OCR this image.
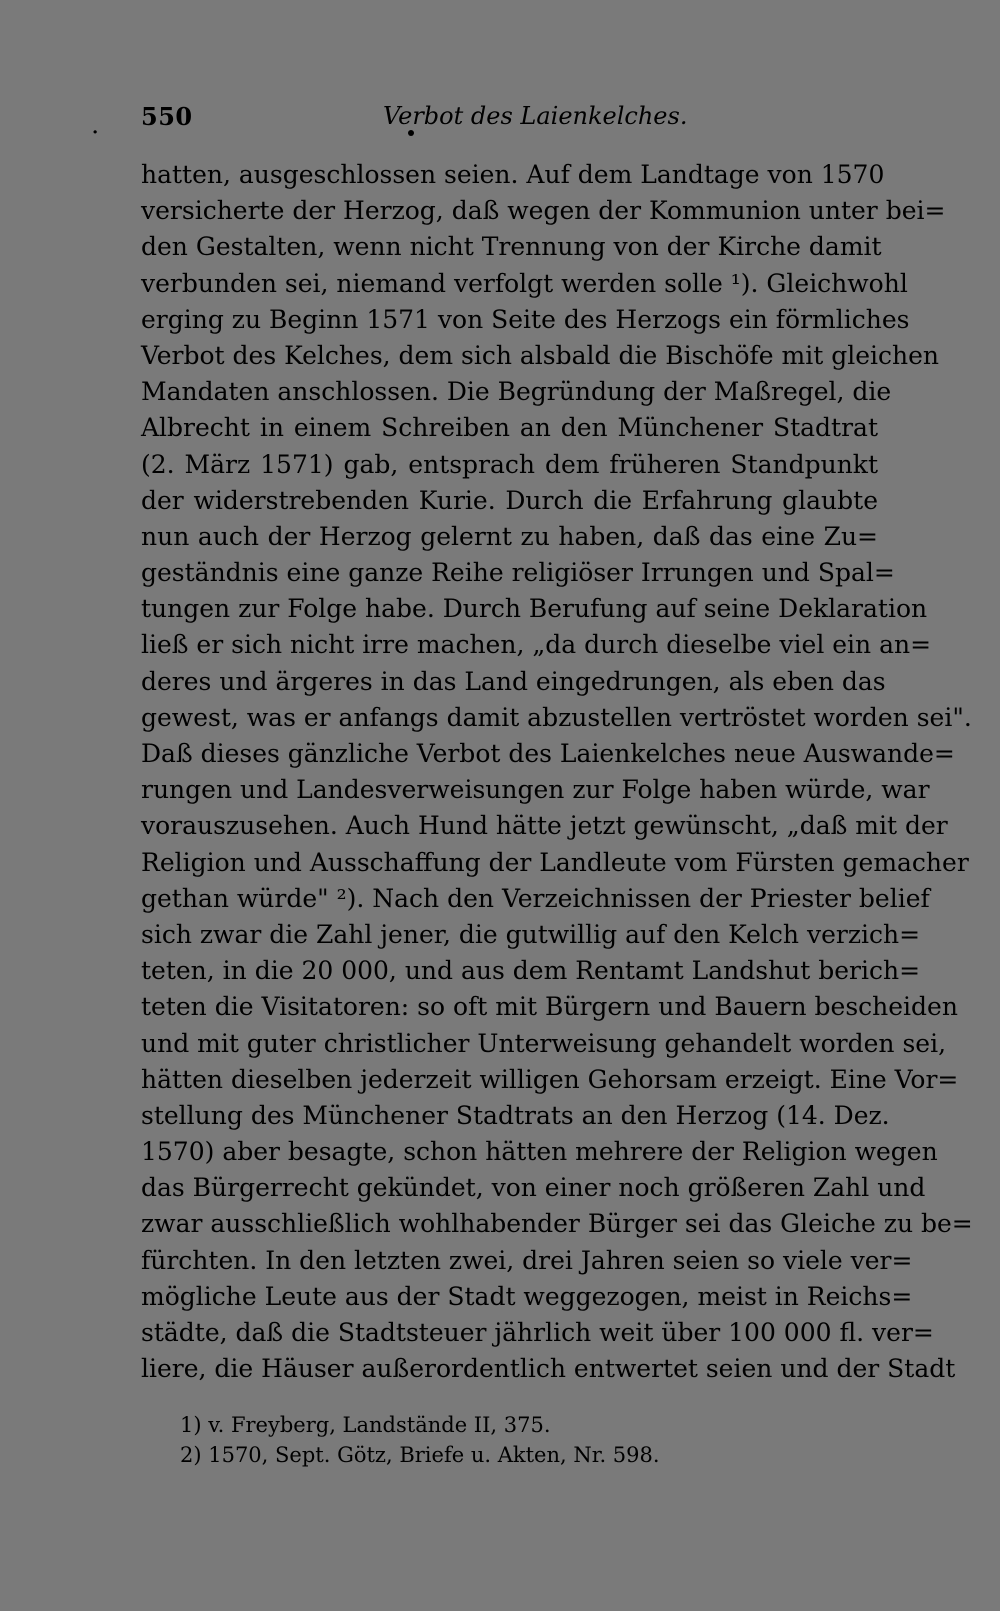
·
550	Verbot des Laienkelches.
hatten, ausgeschlossen seien. Auf dem Landtage von 1570
versicherte der Herzog, daß wegen der Kommunion unter bei=
den Gestalten, wenn nicht Trennung von der Kirche damit
verbunden sei, niemand verfolgt werden solle ¹). Gleichwohl
erging zu Beginn 1571 von Seite des Herzogs ein förmliches
Verbot des Kelches, dem sich alsbald die Bischöfe mit gleichen
Mandaten anschlossen. Die Begründung der Maßregel, die
Albrecht in einem Schreiben an den Münchener Stadtrat
(2. März 1571) gab, entsprach dem früheren Standpunkt
der widerstrebenden Kurie. Durch die Erfahrung glaubte
nun auch der Herzog gelernt zu haben, daß das eine Zu=
geständnis eine ganze Reihe religiöser Irrungen und Spal=
tungen zur Folge habe. Durch Berufung auf seine Deklaration
ließ er sich nicht irre machen, „da durch dieselbe viel ein an=
deres und ärgeres in das Land eingedrungen, als eben das
gewest, was er anfangs damit abzustellen vertröstet worden sei".
Daß dieses gänzliche Verbot des Laienkelches neue Auswande=
rungen und Landesverweisungen zur Folge haben würde, war
vorauszusehen. Auch Hund hätte jetzt gewünscht, „daß mit der
Religion und Ausschaffung der Landleute vom Fürsten gemacher
gethan würde" ²). Nach den Verzeichnissen der Priester belief
sich zwar die Zahl jener, die gutwillig auf den Kelch verzich=
teten, in die 20 000, und aus dem Rentamt Landshut berich=
teten die Visitatoren: so oft mit Bürgern und Bauern bescheiden
und mit guter christlicher Unterweisung gehandelt worden sei,
hätten dieselben jederzeit willigen Gehorsam erzeigt. Eine Vor=
stellung des Münchener Stadtrats an den Herzog (14. Dez.
1570) aber besagte, schon hätten mehrere der Religion wegen
das Bürgerrecht gekündet, von einer noch größeren Zahl und
zwar ausschließlich wohlhabender Bürger sei das Gleiche zu be=
fürchten. In den letzten zwei, drei Jahren seien so viele ver=
mögliche Leute aus der Stadt weggezogen, meist in Reichs=
städte, daß die Stadtsteuer jährlich weit über 100 000 fl. ver=
liere, die Häuser außerordentlich entwertet seien und der Stadt
1) v. Freyberg, Landstände II, 375.
2) 1570, Sept. Götz, Briefe u. Akten, Nr. 598.
